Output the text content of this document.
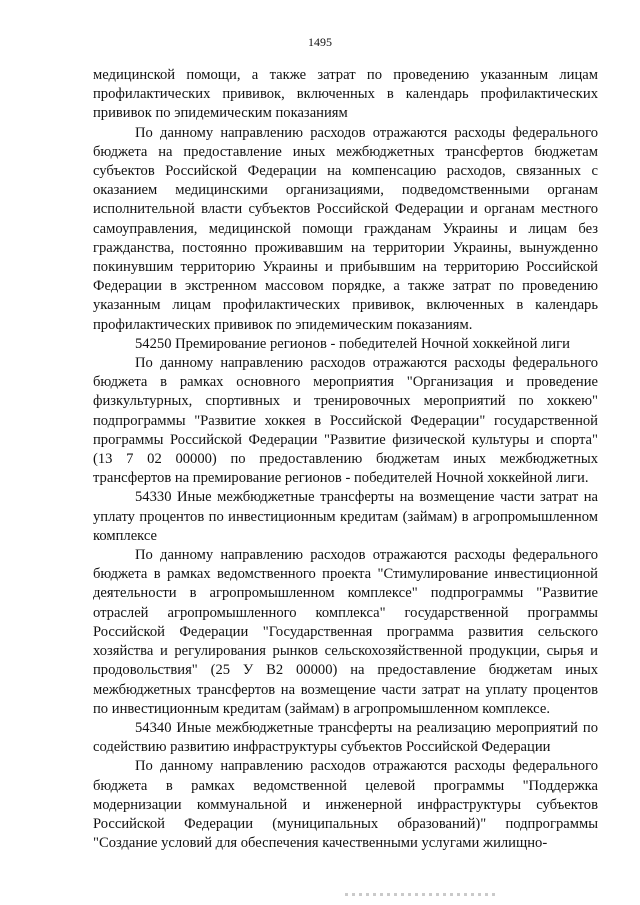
1495

медицинской помощи, а также затрат по проведению указанным лицам профилактических прививок, включенных в календарь профилактических прививок по эпидемическим показаниям

По данному направлению расходов отражаются расходы федерального бюджета на предоставление иных межбюджетных трансфертов бюджетам субъектов Российской Федерации на компенсацию расходов, связанных с оказанием медицинскими организациями, подведомственными органам исполнительной власти субъектов Российской Федерации и органам местного самоуправления, медицинской помощи гражданам Украины и лицам без гражданства, постоянно проживавшим на территории Украины, вынужденно покинувшим территорию Украины и прибывшим на территорию Российской Федерации в экстренном массовом порядке, а также затрат по проведению указанным лицам профилактических прививок, включенных в календарь профилактических прививок по эпидемическим показаниям.

54250 Премирование регионов - победителей Ночной хоккейной лиги

По данному направлению расходов отражаются расходы федерального бюджета в рамках основного мероприятия "Организация и проведение физкультурных, спортивных и тренировочных мероприятий по хоккею" подпрограммы "Развитие хоккея в Российской Федерации" государственной программы Российской Федерации "Развитие физической культуры и спорта" (13 7 02 00000) по предоставлению бюджетам иных межбюджетных трансфертов на премирование регионов - победителей Ночной хоккейной лиги.

54330 Иные межбюджетные трансферты на возмещение части затрат на уплату процентов по инвестиционным кредитам (займам) в агропромышленном комплексе

По данному направлению расходов отражаются расходы федерального бюджета в рамках ведомственного проекта "Стимулирование инвестиционной деятельности в агропромышленном комплексе" подпрограммы "Развитие отраслей агропромышленного комплекса" государственной программы Российской Федерации "Государственная программа развития сельского хозяйства и регулирования рынков сельскохозяйственной продукции, сырья и продовольствия" (25 У В2 00000) на предоставление бюджетам иных межбюджетных трансфертов на возмещение части затрат на уплату процентов по инвестиционным кредитам (займам) в агропромышленном комплексе.

54340 Иные межбюджетные трансферты на реализацию мероприятий по содействию развитию инфраструктуры субъектов Российской Федерации

По данному направлению расходов отражаются расходы федерального бюджета в рамках ведомственной целевой программы "Поддержка модернизации коммунальной и инженерной инфраструктуры субъектов Российской Федерации (муниципальных образований)" подпрограммы "Создание условий для обеспечения качественными услугами жилищно-
